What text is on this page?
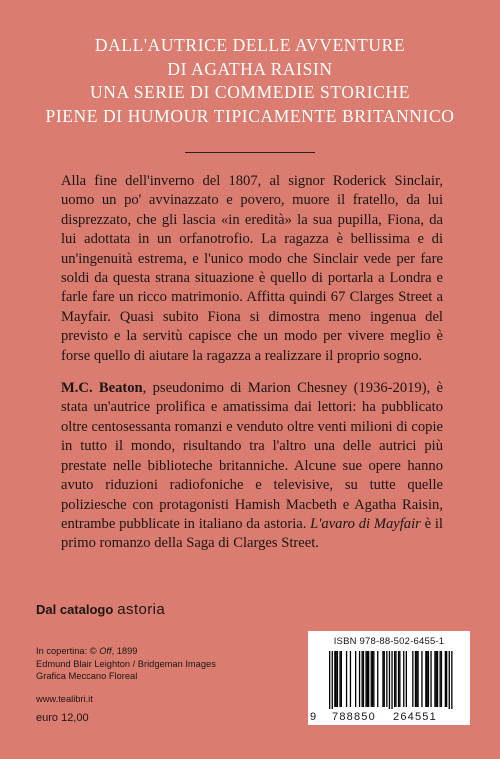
DALL'AUTRICE DELLE AVVENTURE
DI AGATHA RAISIN
UNA SERIE DI COMMEDIE STORICHE
PIENE DI HUMOUR TIPICAMENTE BRITANNICO

Alla fine dell'inverno del 1807, al signor Roderick Sinclair, uomo un po' avvinazzato e povero, muore il fratello, da lui disprezzato, che gli lascia «in eredità» la sua pupilla, Fiona, da lui adottata in un orfanotrofio. La ragazza è bellissima e di un'ingenuità estrema, e l'unico modo che Sinclair vede per fare soldi da questa strana situazione è quello di portarla a Londra e farle fare un ricco matrimonio. Affitta quindi 67 Clarges Street a Mayfair. Quasi subito Fiona si dimostra meno ingenua del previsto e la servitù capisce che un modo per vivere meglio è forse quello di aiutare la ragazza a realizzare il proprio sogno.

M.C. Beaton, pseudonimo di Marion Chesney (1936-2019), è stata un'autrice prolifica e amatissima dai lettori: ha pubblicato oltre centosessanta romanzi e venduto oltre venti milioni di copie in tutto il mondo, risultando tra l'altro una delle autrici più prestate nelle biblioteche britanniche. Alcune sue opere hanno avuto riduzioni radiofoniche e televisive, su tutte quelle poliziesche con protagonisti Hamish Macbeth e Agatha Raisin, entrambe pubblicate in italiano da astoria. L'avaro di Mayfair è il primo romanzo della Saga di Clarges Street.

Dal catalogo astoria
In copertina: © Off, 1899
Edmund Blair Leighton / Bridgeman Images
Grafica Meccano Floreal
www.tealibri.it
euro 12,00
ISBN 978-88-502-6455-1
9 788850 264551
